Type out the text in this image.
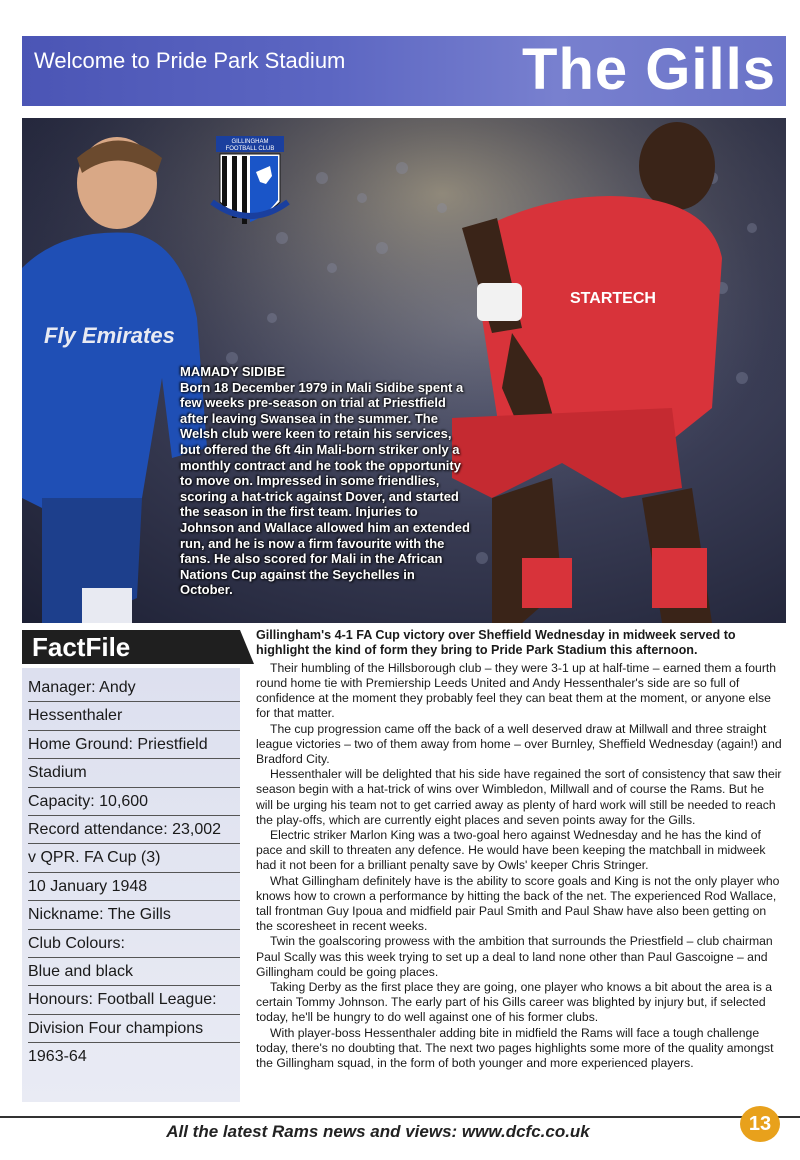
Welcome to Pride Park Stadium	The Gills
Fly Emirates
STARTECH
GILLINGHAM
FOOTBALL CLUB
MAMADY SIDIBE
Born 18 December 1979 in Mali Sidibe spent a few weeks pre-season on trial at Priestfield after leaving Swansea in the summer. The Welsh club were keen to retain his services, but offered the 6ft 4in Mali-born striker only a monthly contract and he took the opportunity to move on. Impressed in some friendlies, scoring a hat-trick against Dover, and started the season in the first team. Injuries to Johnson and Wallace allowed him an extended run, and he is now a firm favourite with the fans. He also scored for Mali in the African Nations Cup against the Seychelles in October.
FactFile
Manager: Andy
Hessenthaler
Home Ground: Priestfield
Stadium
Capacity: 10,600
Record attendance: 23,002
v QPR. FA Cup (3)
10 January 1948
Nickname: The Gills
Club Colours:
Blue and black
Honours: Football League:
Division Four champions
1963-64
Gillingham's 4-1 FA Cup victory over Sheffield Wednesday in midweek served to highlight the kind of form they bring to Pride Park Stadium this afternoon.

Their humbling of the Hillsborough club – they were 3-1 up at half-time – earned them a fourth round home tie with Premiership Leeds United and Andy Hessenthaler's side are so full of confidence at the moment they probably feel they can beat them at the moment, or anyone else for that matter.

The cup progression came off the back of a well deserved draw at Millwall and three straight league victories – two of them away from home – over Burnley, Sheffield Wednesday (again!) and Bradford City.

Hessenthaler will be delighted that his side have regained the sort of consistency that saw their season begin with a hat-trick of wins over Wimbledon, Millwall and of course the Rams. But he will be urging his team not to get carried away as plenty of hard work will still be needed to reach the play-offs, which are currently eight places and seven points away for the Gills.

Electric striker Marlon King was a two-goal hero against Wednesday and he has the kind of pace and skill to threaten any defence. He would have been keeping the matchball in midweek had it not been for a brilliant penalty save by Owls' keeper Chris Stringer.

What Gillingham definitely have is the ability to score goals and King is not the only player who knows how to crown a performance by hitting the back of the net. The experienced Rod Wallace, tall frontman Guy Ipoua and midfield pair Paul Smith and Paul Shaw have also been getting on the scoresheet in recent weeks.

Twin the goalscoring prowess with the ambition that surrounds the Priestfield – club chairman Paul Scally was this week trying to set up a deal to land none other than Paul Gascoigne – and Gillingham could be going places.

Taking Derby as the first place they are going, one player who knows a bit about the area is a certain Tommy Johnson. The early part of his Gills career was blighted by injury but, if selected today, he'll be hungry to do well against one of his former clubs.

With player-boss Hessenthaler adding bite in midfield the Rams will face a tough challenge today, there's no doubting that. The next two pages highlights some more of the quality amongst the Gillingham squad, in the form of both younger and more experienced players.

All the latest Rams news and views: www.dcfc.co.uk	13
